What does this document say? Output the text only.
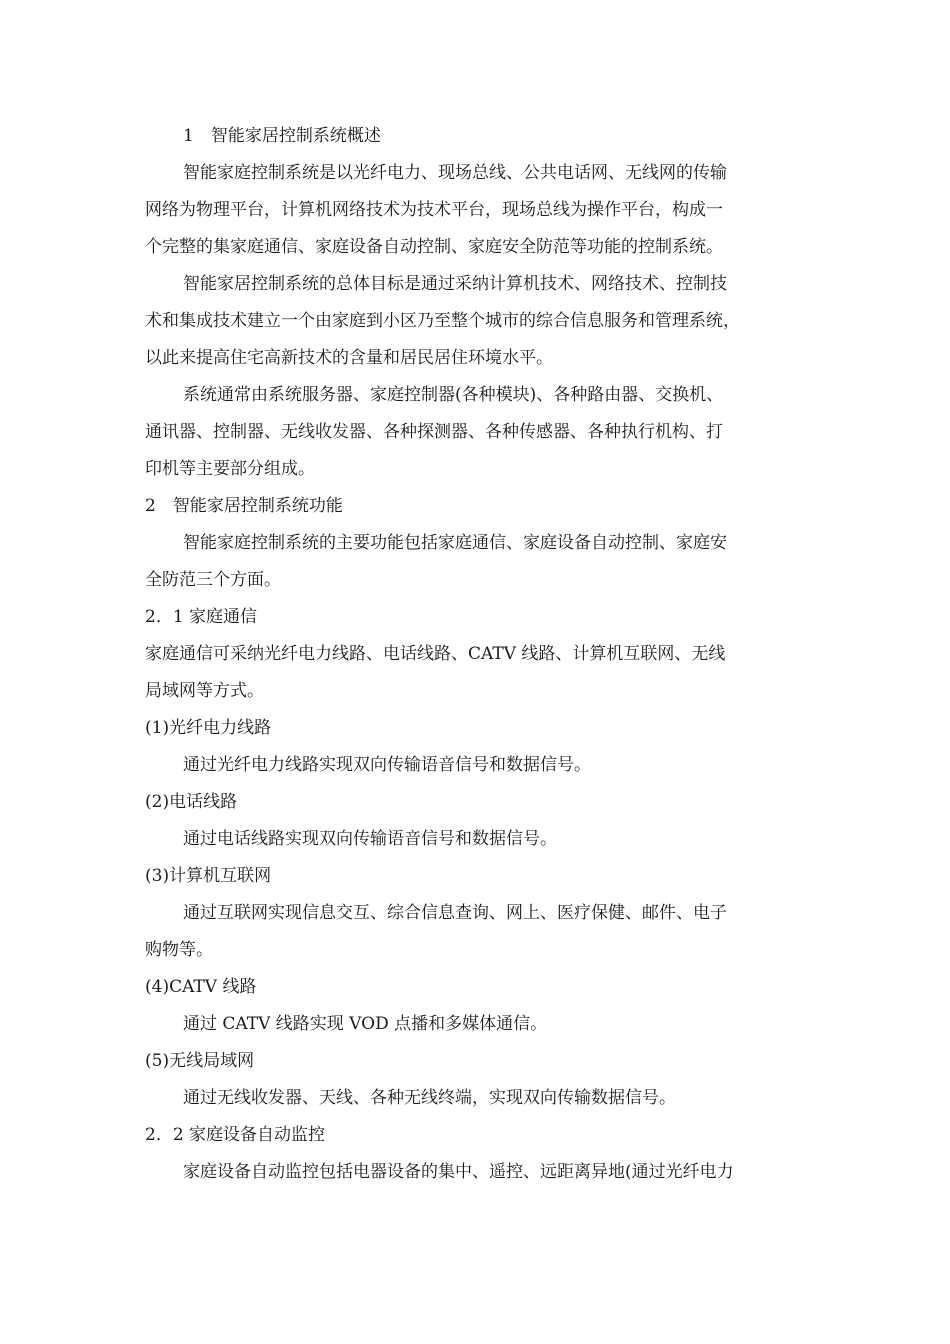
1　智能家居控制系统概述

智能家庭控制系统是以光纤电力、现场总线、公共电话网、无线网的传输

网络为物理平台，计算机网络技术为技术平台，现场总线为操作平台，构成一

个完整的集家庭通信、家庭设备自动控制、家庭安全防范等功能的控制系统。

智能家居控制系统的总体目标是通过采纳计算机技术、网络技术、控制技

术和集成技术建立一个由家庭到小区乃至整个城市的综合信息服务和管理系统，

以此来提高住宅高新技术的含量和居民居住环境水平。

系统通常由系统服务器、家庭控制器(各种模块)、各种路由器、交换机、

通讯器、控制器、无线收发器、各种探测器、各种传感器、各种执行机构、打

印机等主要部分组成。

2　智能家居控制系统功能

智能家庭控制系统的主要功能包括家庭通信、家庭设备自动控制、家庭安

全防范三个方面。

2．1 家庭通信

家庭通信可采纳光纤电力线路、电话线路、CATV 线路、计算机互联网、无线

局域网等方式。

(1)光纤电力线路

通过光纤电力线路实现双向传输语音信号和数据信号。

(2)电话线路

通过电话线路实现双向传输语音信号和数据信号。

(3)计算机互联网

通过互联网实现信息交互、综合信息查询、网上、医疗保健、邮件、电子

购物等。

(4)CATV 线路

通过 CATV 线路实现 VOD 点播和多媒体通信。

(5)无线局域网

通过无线收发器、天线、各种无线终端，实现双向传输数据信号。

2．2 家庭设备自动监控

家庭设备自动监控包括电器设备的集中、遥控、远距离异地(通过光纤电力
